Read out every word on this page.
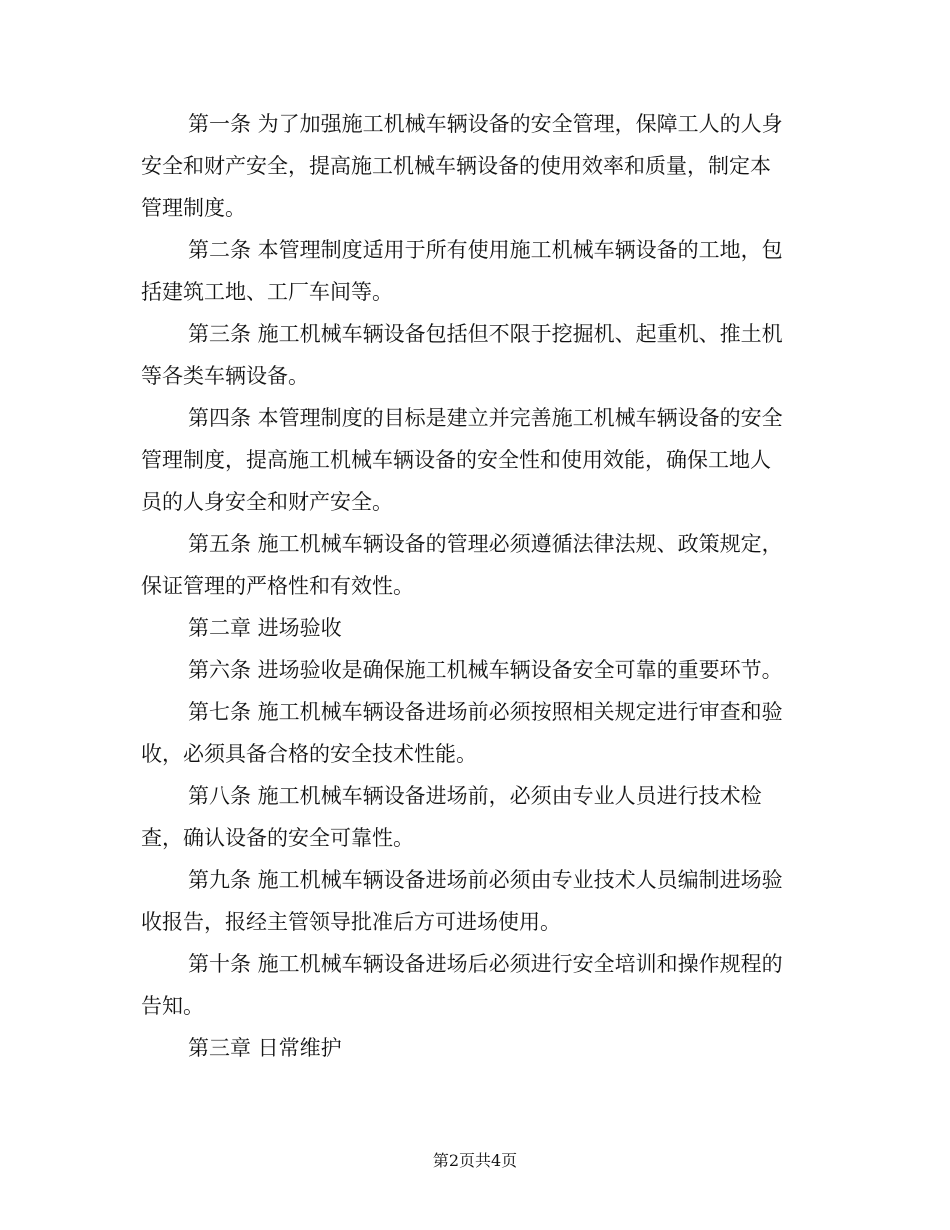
第一条 为了加强施工机械车辆设备的安全管理，保障工人的人身
安全和财产安全，提高施工机械车辆设备的使用效率和质量，制定本
管理制度。
第二条 本管理制度适用于所有使用施工机械车辆设备的工地，包
括建筑工地、工厂车间等。
第三条 施工机械车辆设备包括但不限于挖掘机、起重机、推土机
等各类车辆设备。
第四条 本管理制度的目标是建立并完善施工机械车辆设备的安全
管理制度，提高施工机械车辆设备的安全性和使用效能，确保工地人
员的人身安全和财产安全。
第五条 施工机械车辆设备的管理必须遵循法律法规、政策规定，
保证管理的严格性和有效性。
第二章 进场验收
第六条 进场验收是确保施工机械车辆设备安全可靠的重要环节。
第七条 施工机械车辆设备进场前必须按照相关规定进行审查和验
收，必须具备合格的安全技术性能。
第八条 施工机械车辆设备进场前，必须由专业人员进行技术检
查，确认设备的安全可靠性。
第九条 施工机械车辆设备进场前必须由专业技术人员编制进场验
收报告，报经主管领导批准后方可进场使用。
第十条 施工机械车辆设备进场后必须进行安全培训和操作规程的
告知。
第三章 日常维护
第2页共4页
